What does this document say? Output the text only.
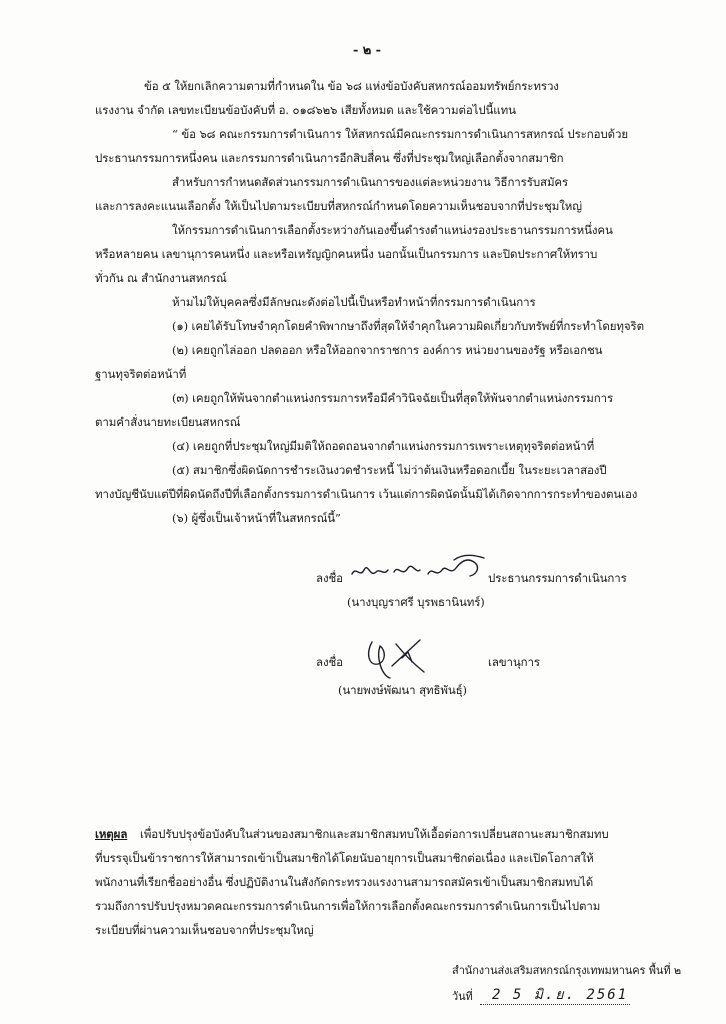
- ๒ -
ข้อ ๕ ให้ยกเลิกความตามที่กำหนดใน ข้อ ๖๘ แห่งข้อบังคับสหกรณ์ออมทรัพย์กระทรวง
แรงงาน จำกัด เลขทะเบียนข้อบังคับที่ อ. ๐๑๘๖๒๖ เสียทั้งหมด และใช้ความต่อไปนี้แทน
“ ข้อ ๖๘ คณะกรรมการดำเนินการ ให้สหกรณ์มีคณะกรรมการดำเนินการสหกรณ์ ประกอบด้วย
ประธานกรรมการหนึ่งคน และกรรมการดำเนินการอีกสิบสี่คน ซึ่งที่ประชุมใหญ่เลือกตั้งจากสมาชิก
สำหรับการกำหนดสัดส่วนกรรมการดำเนินการของแต่ละหน่วยงาน วิธีการรับสมัคร
และการลงคะแนนเลือกตั้ง ให้เป็นไปตามระเบียบที่สหกรณ์กำหนดโดยความเห็นชอบจากที่ประชุมใหญ่
ให้กรรมการดำเนินการเลือกตั้งระหว่างกันเองขึ้นดำรงตำแหน่งรองประธานกรรมการหนึ่งคน
หรือหลายคน เลขานุการคนหนึ่ง และหรือเหรัญญิกคนหนึ่ง นอกนั้นเป็นกรรมการ และปิดประกาศให้ทราบ
ทั่วกัน ณ สำนักงานสหกรณ์
ห้ามไม่ให้บุคคลซึ่งมีลักษณะดังต่อไปนี้เป็นหรือทำหน้าที่กรรมการดำเนินการ
(๑) เคยได้รับโทษจำคุกโดยคำพิพากษาถึงที่สุดให้จำคุกในความผิดเกี่ยวกับทรัพย์ที่กระทำโดยทุจริต
(๒) เคยถูกไล่ออก ปลดออก หรือให้ออกจากราชการ องค์การ หน่วยงานของรัฐ หรือเอกชน
ฐานทุจริตต่อหน้าที่
(๓) เคยถูกให้พ้นจากตำแหน่งกรรมการหรือมีคำวินิจฉัยเป็นที่สุดให้พ้นจากตำแหน่งกรรมการ
ตามคำสั่งนายทะเบียนสหกรณ์
(๔) เคยถูกที่ประชุมใหญ่มีมติให้ถอดถอนจากตำแหน่งกรรมการเพราะเหตุทุจริตต่อหน้าที่
(๕) สมาชิกซึ่งผิดนัดการชำระเงินงวดชำระหนี้ ไม่ว่าต้นเงินหรือดอกเบี้ย ในระยะเวลาสองปี
ทางบัญชีนับแต่ปีที่ผิดนัดถึงปีที่เลือกตั้งกรรมการดำเนินการ เว้นแต่การผิดนัดนั้นมิได้เกิดจากการกระทำของตนเอง
(๖) ผู้ซึ่งเป็นเจ้าหน้าที่ในสหกรณ์นี้”
ลงชื่อ	ประธานกรรมการดำเนินการ
(นางบุญราศรี บุรพธานินทร์)
ลงชื่อ	เลขานุการ
(นายพงษ์พัฒนา สุทธิพันธุ์)
เหตุผล เพื่อปรับปรุงข้อบังคับในส่วนของสมาชิกและสมาชิกสมทบให้เอื้อต่อการเปลี่ยนสถานะสมาชิกสมทบ
ที่บรรจุเป็นข้าราชการให้สามารถเข้าเป็นสมาชิกได้โดยนับอายุการเป็นสมาชิกต่อเนื่อง และเปิดโอกาสให้
พนักงานที่เรียกชื่ออย่างอื่น ซึ่งปฏิบัติงานในสังกัดกระทรวงแรงงานสามารถสมัครเข้าเป็นสมาชิกสมทบได้
รวมถึงการปรับปรุงหมวดคณะกรรมการดำเนินการเพื่อให้การเลือกตั้งคณะกรรมการดำเนินการเป็นไปตาม
ระเบียบที่ผ่านความเห็นชอบจากที่ประชุมใหญ่
สำนักงานส่งเสริมสหกรณ์กรุงเทพมหานคร พื้นที่ ๒
วันที่ 2 5 มิ.ย. 2561
